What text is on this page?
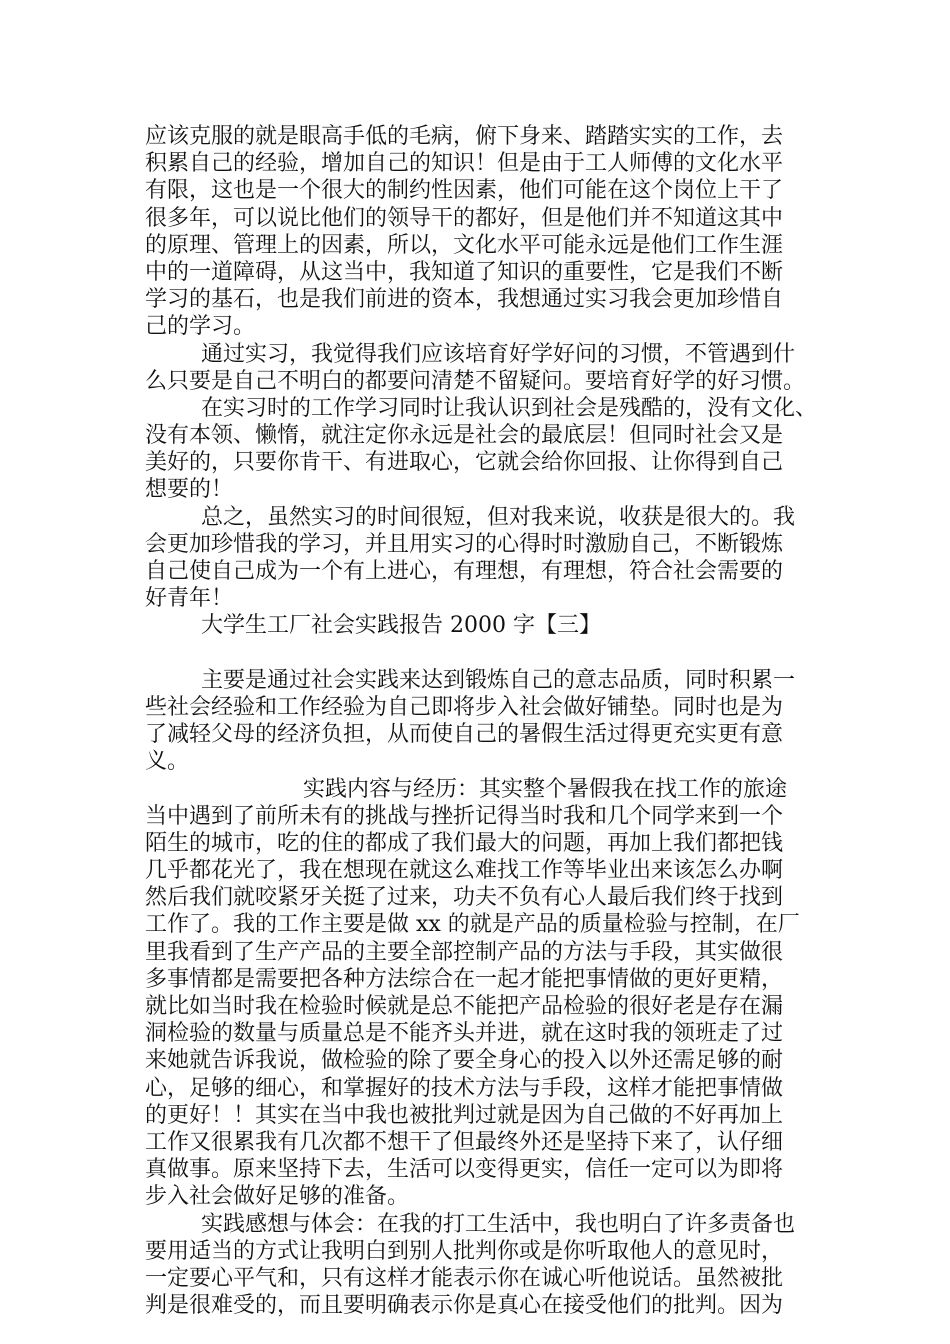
应该克服的就是眼高手低的毛病，俯下身来、踏踏实实的工作，去
积累自己的经验，增加自己的知识！但是由于工人师傅的文化水平
有限，这也是一个很大的制约性因素，他们可能在这个岗位上干了
很多年，可以说比他们的领导干的都好，但是他们并不知道这其中
的原理、管理上的因素，所以，文化水平可能永远是他们工作生涯
中的一道障碍，从这当中，我知道了知识的重要性，它是我们不断
学习的基石，也是我们前进的资本，我想通过实习我会更加珍惜自
己的学习。
通过实习，我觉得我们应该培育好学好问的习惯，不管遇到什
么只要是自己不明白的都要问清楚不留疑问。要培育好学的好习惯。
在实习时的工作学习同时让我认识到社会是残酷的，没有文化、
没有本领、懒惰，就注定你永远是社会的最底层！但同时社会又是
美好的，只要你肯干、有进取心，它就会给你回报、让你得到自己
想要的！
总之，虽然实习的时间很短，但对我来说，收获是很大的。我
会更加珍惜我的学习，并且用实习的心得时时激励自己，不断锻炼
自己使自己成为一个有上进心，有理想，有理想，符合社会需要的
好青年！
大学生工厂社会实践报告 2000 字【三】
主要是通过社会实践来达到锻炼自己的意志品质，同时积累一
些社会经验和工作经验为自己即将步入社会做好铺垫。同时也是为
了减轻父母的经济负担，从而使自己的暑假生活过得更充实更有意
义。
实践内容与经历：其实整个暑假我在找工作的旅途
当中遇到了前所未有的挑战与挫折记得当时我和几个同学来到一个
陌生的城市，吃的住的都成了我们最大的问题，再加上我们都把钱
几乎都花光了，我在想现在就这么难找工作等毕业出来该怎么办啊
然后我们就咬紧牙关挺了过来，功夫不负有心人最后我们终于找到
工作了。我的工作主要是做 xx 的就是产品的质量检验与控制，在厂
里我看到了生产产品的主要全部控制产品的方法与手段，其实做很
多事情都是需要把各种方法综合在一起才能把事情做的更好更精，
就比如当时我在检验时候就是总不能把产品检验的很好老是存在漏
洞检验的数量与质量总是不能齐头并进，就在这时我的领班走了过
来她就告诉我说，做检验的除了要全身心的投入以外还需足够的耐
心，足够的细心，和掌握好的技术方法与手段，这样才能把事情做
的更好！！其实在当中我也被批判过就是因为自己做的不好再加上
工作又很累我有几次都不想干了但最终外还是坚持下来了，认仔细
真做事。原来坚持下去，生活可以变得更实，信任一定可以为即将
步入社会做好足够的准备。
实践感想与体会：在我的打工生活中，我也明白了许多责备也
要用适当的方式让我明白到别人批判你或是你听取他人的意见时，
一定要心平气和，只有这样才能表示你在诚心听他说话。虽然被批
判是很难受的，而且要明确表示你是真心在接受他们的批判。因为
